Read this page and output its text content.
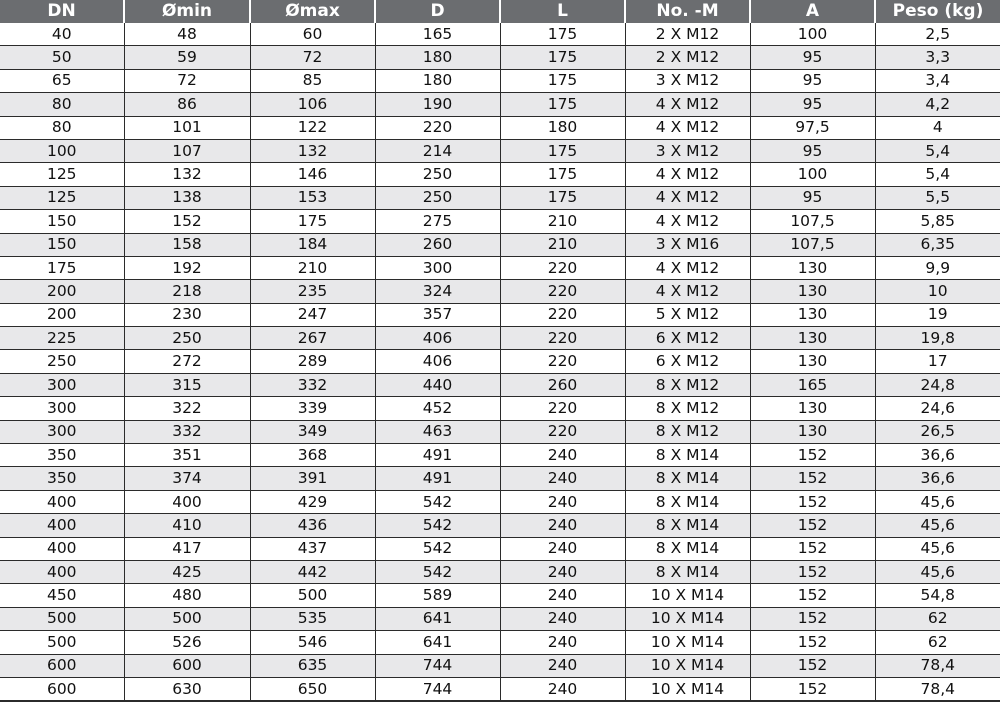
DN	Ømin	Ømax	D	L	No. -M	A	Peso (kg)
40	48	60	165	175	2 X M12	100	2,5
50	59	72	180	175	2 X M12	95	3,3
65	72	85	180	175	3 X M12	95	3,4
80	86	106	190	175	4 X M12	95	4,2
80	101	122	220	180	4 X M12	97,5	4
100	107	132	214	175	3 X M12	95	5,4
125	132	146	250	175	4 X M12	100	5,4
125	138	153	250	175	4 X M12	95	5,5
150	152	175	275	210	4 X M12	107,5	5,85
150	158	184	260	210	3 X M16	107,5	6,35
175	192	210	300	220	4 X M12	130	9,9
200	218	235	324	220	4 X M12	130	10
200	230	247	357	220	5 X M12	130	19
225	250	267	406	220	6 X M12	130	19,8
250	272	289	406	220	6 X M12	130	17
300	315	332	440	260	8 X M12	165	24,8
300	322	339	452	220	8 X M12	130	24,6
300	332	349	463	220	8 X M12	130	26,5
350	351	368	491	240	8 X M14	152	36,6
350	374	391	491	240	8 X M14	152	36,6
400	400	429	542	240	8 X M14	152	45,6
400	410	436	542	240	8 X M14	152	45,6
400	417	437	542	240	8 X M14	152	45,6
400	425	442	542	240	8 X M14	152	45,6
450	480	500	589	240	10 X M14	152	54,8
500	500	535	641	240	10 X M14	152	62
500	526	546	641	240	10 X M14	152	62
600	600	635	744	240	10 X M14	152	78,4
600	630	650	744	240	10 X M14	152	78,4
